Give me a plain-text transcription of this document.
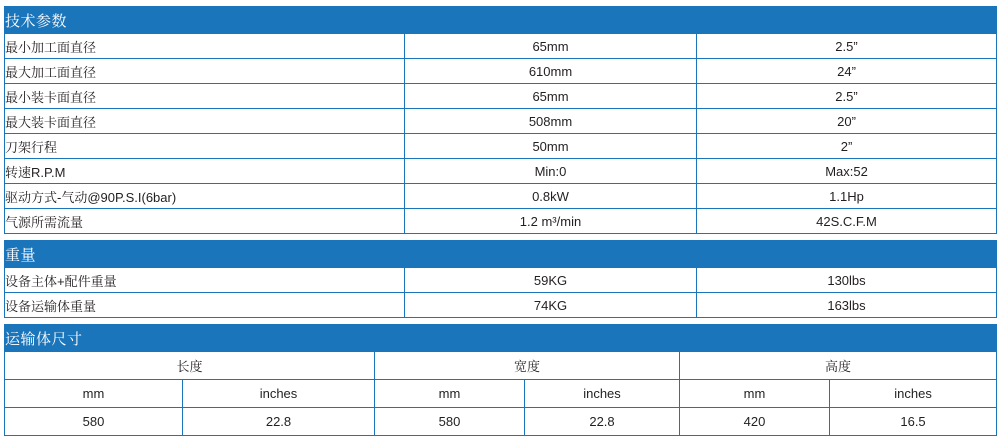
技术参数		
最小加工面直径	65mm	2.5”
最大加工面直径	610mm	24”
最小装卡面直径	65mm	2.5”
最大装卡面直径	508mm	20”
刀架行程	50mm	2”
转速R.P.M	Min:0	Max:52
驱动方式-气动@90P.S.I(6bar)	0.8kW	1.1Hp
气源所需流量	1.2 m³/min	42S.C.F.M
重量		
设备主体+配件重量	59KG	130lbs
设备运输体重量	74KG	163lbs
运输体尺寸					
长度		宽度		高度	
mm	inches	mm	inches	mm	inches
580	22.8	580	22.8	420	16.5
